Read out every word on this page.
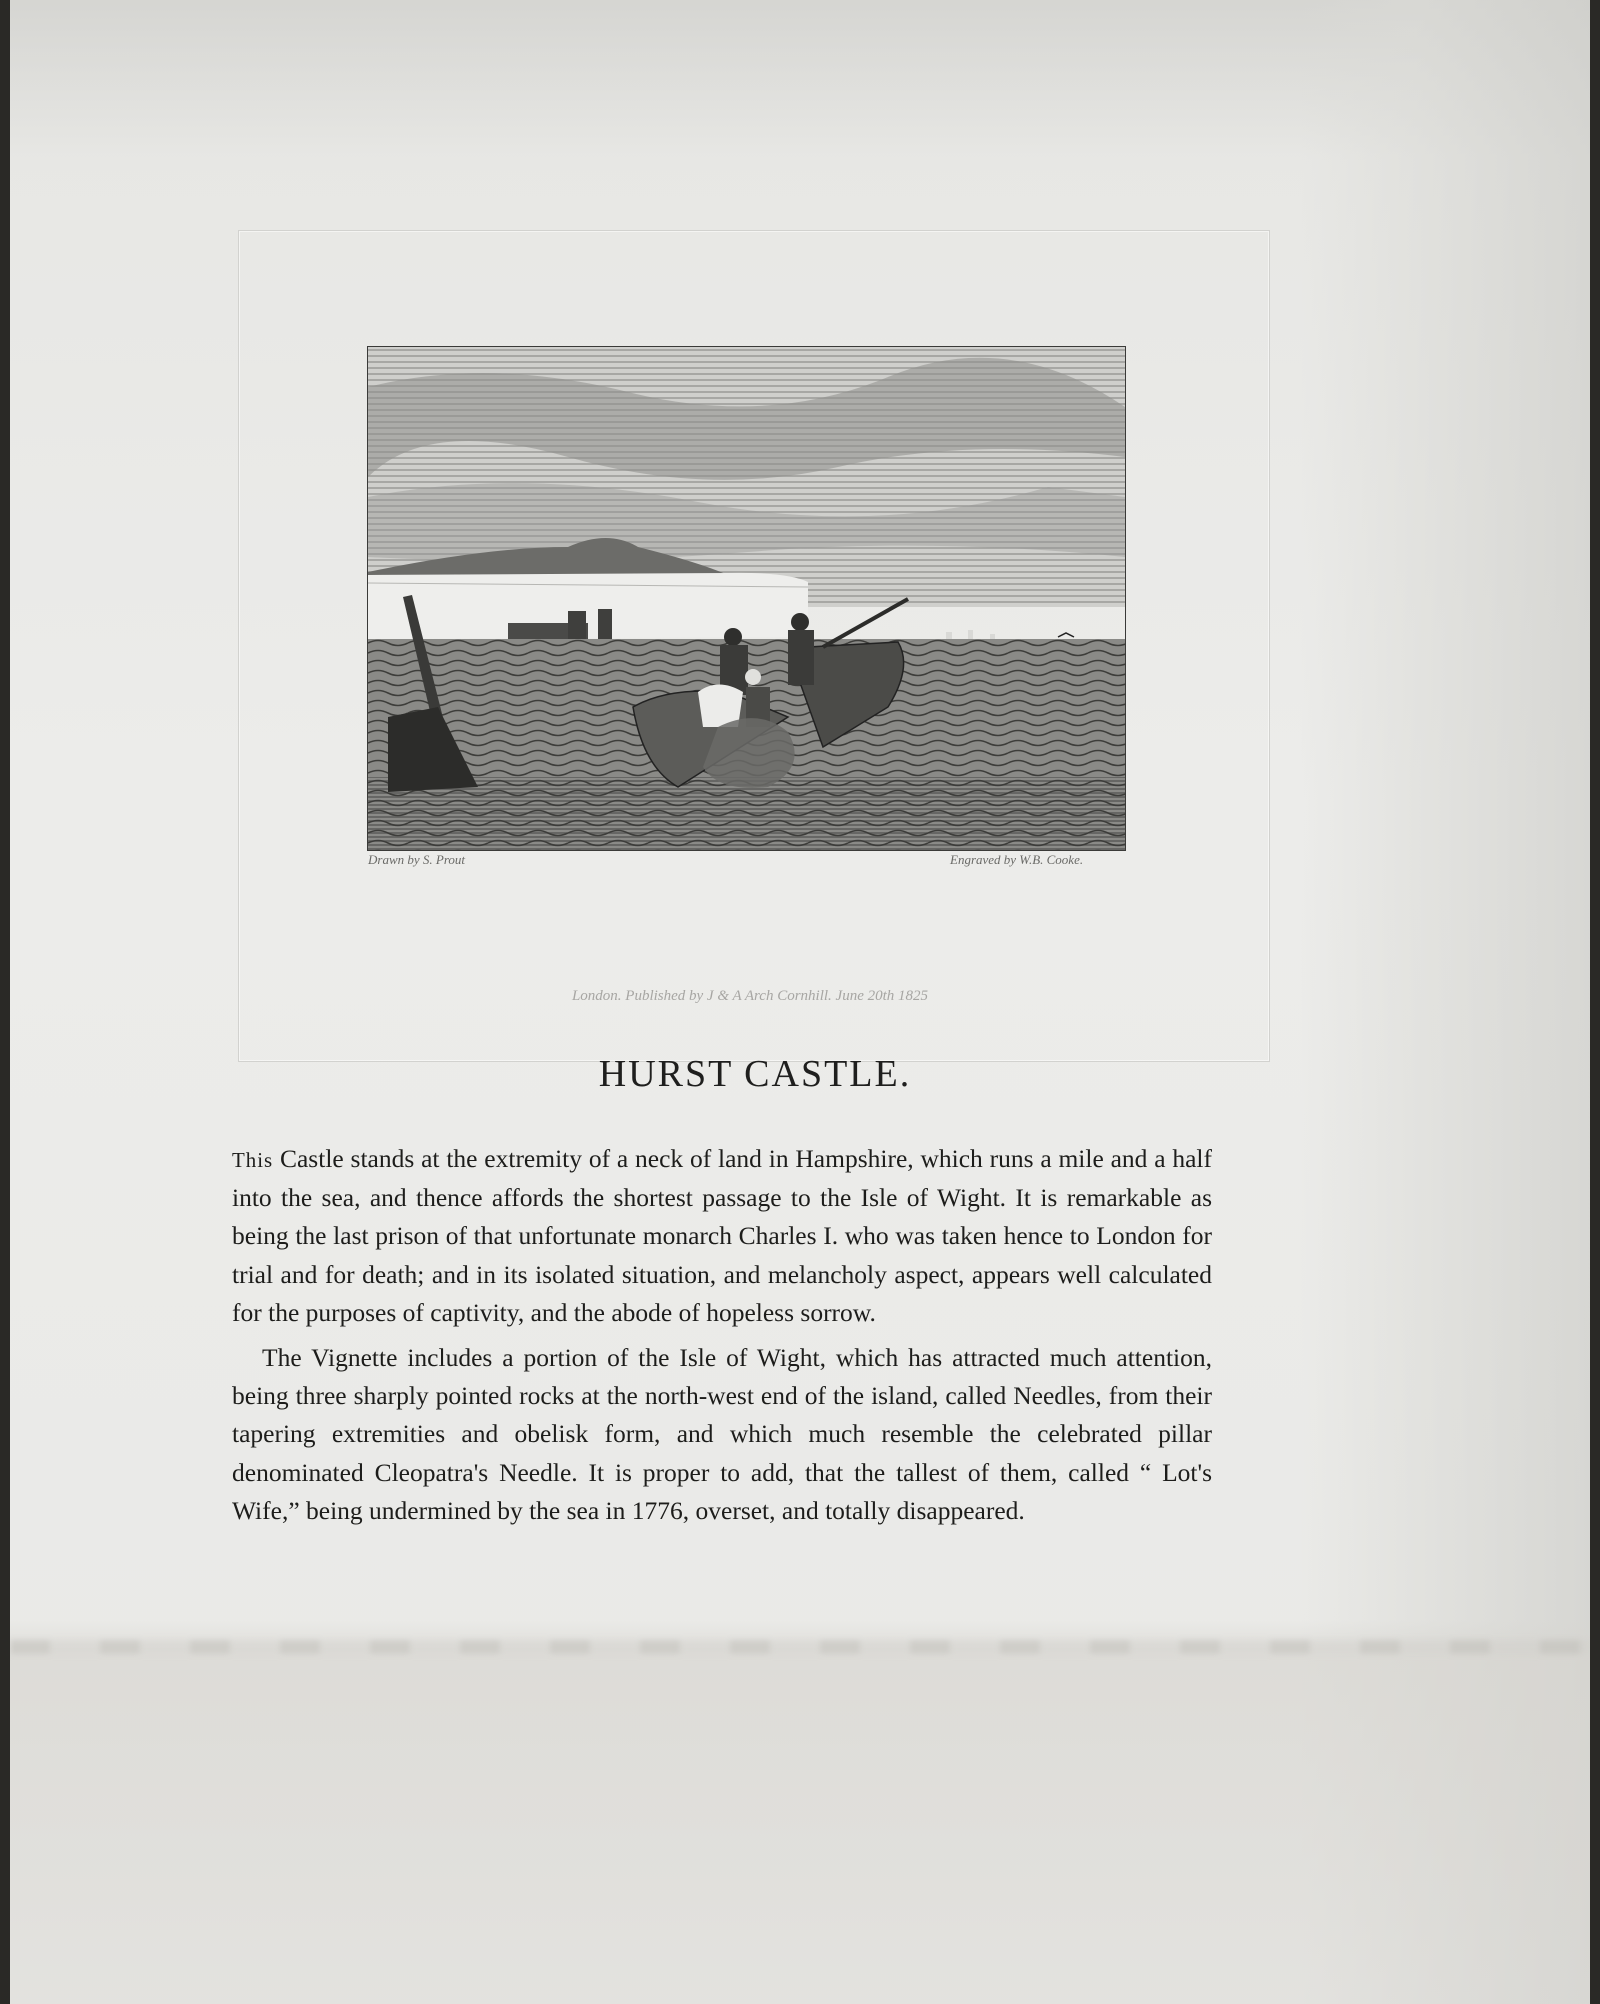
Drawn by S. Prout	Engraved by W.B. Cooke.
London. Published by J & A Arch Cornhill. June 20th 1825
HURST CASTLE.

This Castle stands at the extremity of a neck of land in Hampshire, which runs a mile and a half into the sea, and thence affords the shortest passage to the Isle of Wight. It is remarkable as being the last prison of that unfortunate monarch Charles I. who was taken hence to London for trial and for death; and in its isolated situation, and melancholy aspect, appears well calculated for the purposes of captivity, and the abode of hopeless sorrow.

The Vignette includes a portion of the Isle of Wight, which has attracted much attention, being three sharply pointed rocks at the north-west end of the island, called Needles, from their tapering extremities and obelisk form, and which much resemble the celebrated pillar denominated Cleopatra's Needle. It is proper to add, that the tallest of them, called “ Lot's Wife,” being undermined by the sea in 1776, overset, and totally disappeared.
